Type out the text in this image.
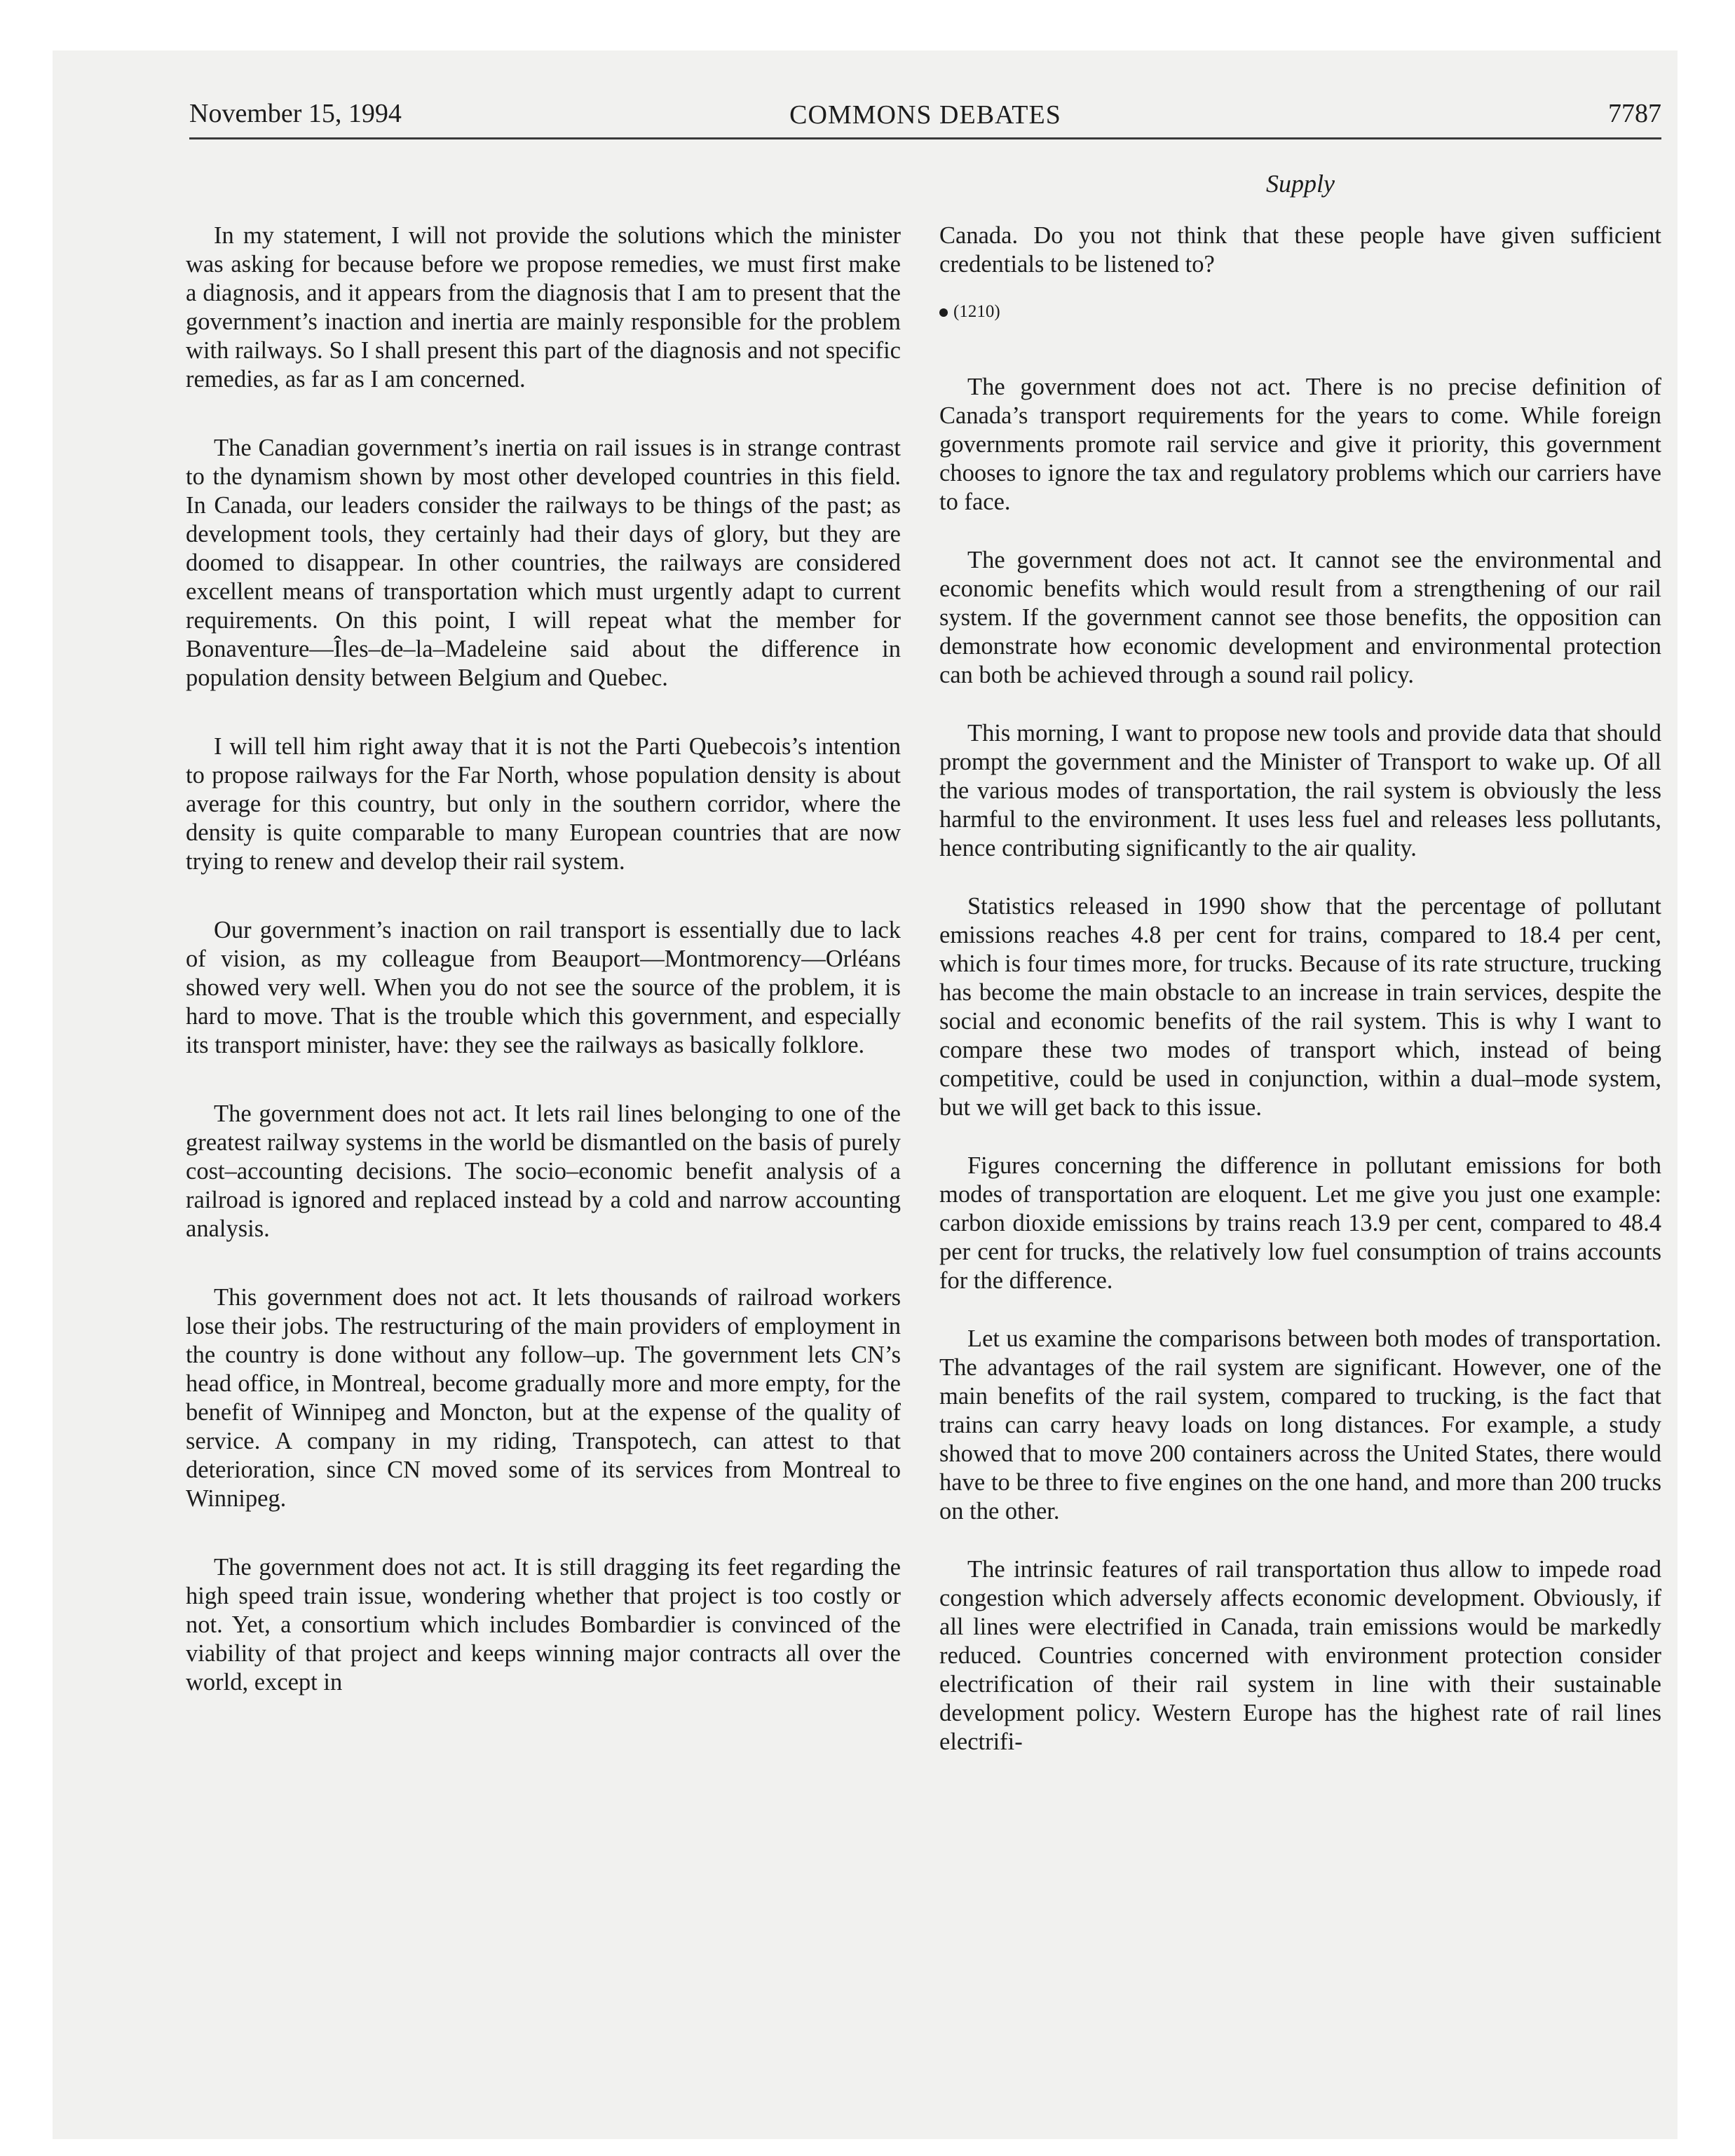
November 15, 1994	COMMONS DEBATES	7787
Supply

In my statement, I will not provide the solutions which the minister was asking for because before we propose remedies, we must first make a diagnosis, and it appears from the diagnosis that I am to present that the government’s inaction and inertia are mainly responsible for the problem with railways. So I shall present this part of the diagnosis and not specific remedies, as far as I am concerned.

The Canadian government’s inertia on rail issues is in strange contrast to the dynamism shown by most other developed countries in this field. In Canada, our leaders consider the railways to be things of the past; as development tools, they certainly had their days of glory, but they are doomed to disappear. In other countries, the railways are considered excellent means of transportation which must urgently adapt to current requirements. On this point, I will repeat what the member for Bonaventure—Îles–de–la–Madeleine said about the difference in population density between Belgium and Quebec.

I will tell him right away that it is not the Parti Quebecois’s intention to propose railways for the Far North, whose population density is about average for this country, but only in the southern corridor, where the density is quite comparable to many European countries that are now trying to renew and develop their rail system.

Our government’s inaction on rail transport is essentially due to lack of vision, as my colleague from Beauport—Montmorency—Orléans showed very well. When you do not see the source of the problem, it is hard to move. That is the trouble which this government, and especially its transport minister, have: they see the railways as basically folklore.

The government does not act. It lets rail lines belonging to one of the greatest railway systems in the world be dismantled on the basis of purely cost–accounting decisions. The socio–economic benefit analysis of a railroad is ignored and replaced instead by a cold and narrow accounting analysis.

This government does not act. It lets thousands of railroad workers lose their jobs. The restructuring of the main providers of employment in the country is done without any follow–up. The government lets CN’s head office, in Montreal, become gradually more and more empty, for the benefit of Winnipeg and Moncton, but at the expense of the quality of service. A company in my riding, Transpotech, can attest to that deterioration, since CN moved some of its services from Montreal to Winnipeg.

The government does not act. It is still dragging its feet regarding the high speed train issue, wondering whether that project is too costly or not. Yet, a consortium which includes Bombardier is convinced of the viability of that project and keeps winning major contracts all over the world, except in

Canada. Do you not think that these people have given sufficient credentials to be listened to?

(1210)

The government does not act. There is no precise definition of Canada’s transport requirements for the years to come. While foreign governments promote rail service and give it priority, this government chooses to ignore the tax and regulatory problems which our carriers have to face.

The government does not act. It cannot see the environmental and economic benefits which would result from a strengthening of our rail system. If the government cannot see those benefits, the opposition can demonstrate how economic development and environmental protection can both be achieved through a sound rail policy.

This morning, I want to propose new tools and provide data that should prompt the government and the Minister of Transport to wake up. Of all the various modes of transportation, the rail system is obviously the less harmful to the environment. It uses less fuel and releases less pollutants, hence contributing significantly to the air quality.

Statistics released in 1990 show that the percentage of pollutant emissions reaches 4.8 per cent for trains, compared to 18.4 per cent, which is four times more, for trucks. Because of its rate structure, trucking has become the main obstacle to an increase in train services, despite the social and economic benefits of the rail system. This is why I want to compare these two modes of transport which, instead of being competitive, could be used in conjunction, within a dual–mode system, but we will get back to this issue.

Figures concerning the difference in pollutant emissions for both modes of transportation are eloquent. Let me give you just one example: carbon dioxide emissions by trains reach 13.9 per cent, compared to 48.4 per cent for trucks, the relatively low fuel consumption of trains accounts for the difference.

Let us examine the comparisons between both modes of transportation. The advantages of the rail system are significant. However, one of the main benefits of the rail system, compared to trucking, is the fact that trains can carry heavy loads on long distances. For example, a study showed that to move 200 containers across the United States, there would have to be three to five engines on the one hand, and more than 200 trucks on the other.

The intrinsic features of rail transportation thus allow to impede road congestion which adversely affects economic development. Obviously, if all lines were electrified in Canada, train emissions would be markedly reduced. Countries concerned with environment protection consider electrification of their rail system in line with their sustainable development policy. Western Europe has the highest rate of rail lines electrifi-
